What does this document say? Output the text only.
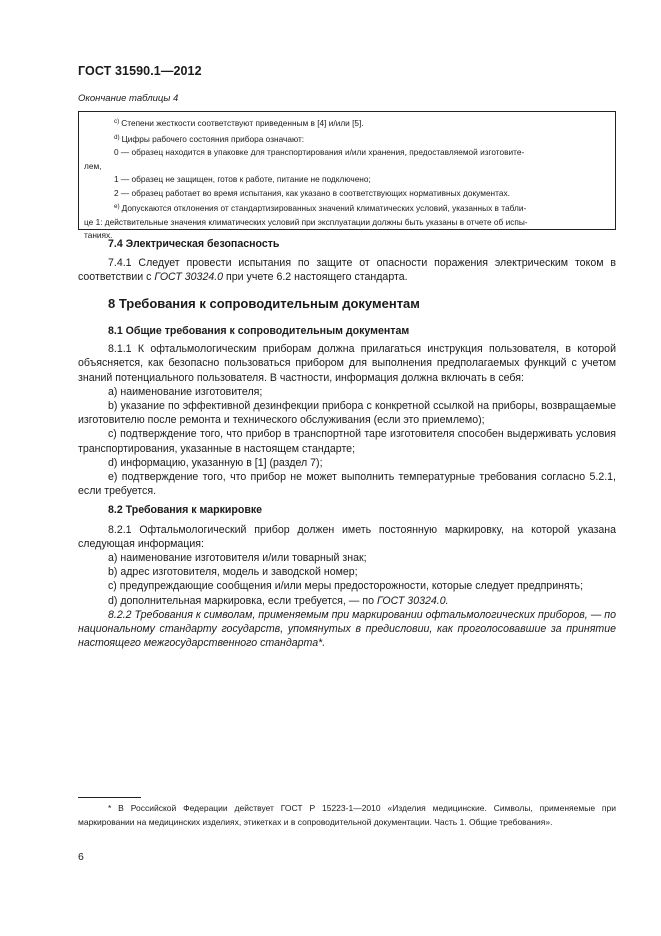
ГОСТ 31590.1—2012
Окончание таблицы 4
$^{c)}$ Степени жесткости соответствуют приведенным в [4] и/или [5].
$^{d)}$ Цифры рабочего состояния прибора означают:
0 — образец находится в упаковке для транспортирования и/или хранения, предоставляемой изготовите-
лем,
1 — образец не защищен, готов к работе, питание не подключено;
2 — образец работает во время испытания, как указано в соответствующих нормативных документах.
$^{e)}$ Допускаются отклонения от стандартизированных значений климатических условий, указанных в табли-
це 1: действительные значения климатических условий при эксплуатации должны быть указаны в отчете об испы-
таниях.
7.4 Электрическая безопасность

7.4.1 Следует провести испытания по защите от опасности поражения электрическим током в соответствии с ГОСТ 30324.0 при учете 6.2 настоящего стандарта.

8 Требования к сопроводительным документам
8.1 Общие требования к сопроводительным документам

8.1.1 К офтальмологическим приборам должна прилагаться инструкция пользователя, в которой объясняется, как безопасно пользоваться прибором для выполнения предполагаемых функций с учетом знаний потенциального пользователя. В частности, информация должна включать в себя:

a) наименование изготовителя;

b) указание по эффективной дезинфекции прибора с конкретной ссылкой на приборы, возвращаемые изготовителю после ремонта и технического обслуживания (если это приемлемо);

c) подтверждение того, что прибор в транспортной таре изготовителя способен выдерживать условия транспортирования, указанные в настоящем стандарте;

d) информацию, указанную в [1] (раздел 7);

e) подтверждение того, что прибор не может выполнить температурные требования согласно 5.2.1, если требуется.

8.2 Требования к маркировке

8.2.1 Офтальмологический прибор должен иметь постоянную маркировку, на которой указана следующая информация:

a) наименование изготовителя и/или товарный знак;

b) адрес изготовителя, модель и заводской номер;

c) предупреждающие сообщения и/или меры предосторожности, которые следует предпринять;

d) дополнительная маркировка, если требуется, — по ГОСТ 30324.0.

8.2.2 Требования к символам, применяемым при маркировании офтальмологических приборов, — по национальному стандарту государств, упомянутых в предисловии, как проголосовавшие за принятие настоящего межгосударственного стандарта*.

* В Российской Федерации действует ГОСТ Р 15223-1—2010 «Изделия медицинские. Символы, применяемые при маркировании на медицинских изделиях, этикетках и в сопроводительной документации. Часть 1. Общие требования».

6
